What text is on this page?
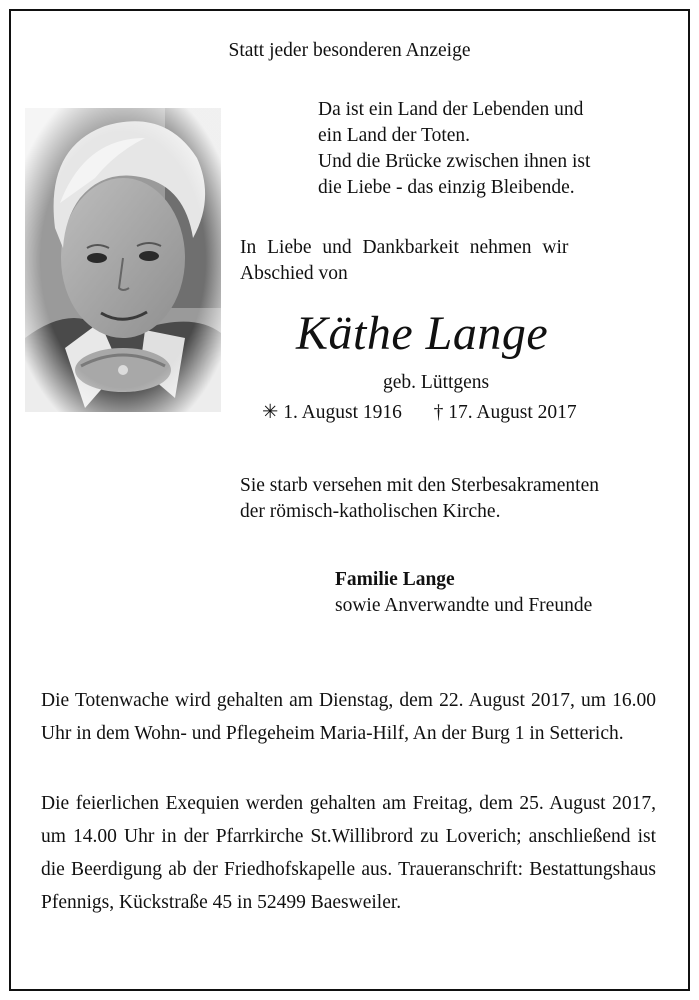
Statt jeder besonderen Anzeige
Da ist ein Land der Lebenden und
ein Land der Toten.
Und die Brücke zwischen ihnen ist
die Liebe - das einzig Bleibende.
In Liebe und Dankbarkeit nehmen wir
Abschied von
Käthe Lange
geb. Lüttgens
✳ 1. August 1916 † 17. August 2017
Sie starb versehen mit den Sterbesakramenten
der römisch-katholischen Kirche.
Familie Lange
sowie Anverwandte und Freunde
Die Totenwache wird gehalten am Dienstag, dem 22. August 2017, um 16.00 Uhr in dem Wohn- und Pflegeheim Maria-Hilf, An der Burg 1 in Setterich.
Die feierlichen Exequien werden gehalten am Freitag, dem 25. August 2017, um 14.00 Uhr in der Pfarrkirche St.Willibrord zu Loverich; anschließend ist die Beerdigung ab der Friedhofskapelle aus. Traueranschrift: Bestattungshaus Pfennigs, Kückstraße 45 in 52499 Baesweiler.
